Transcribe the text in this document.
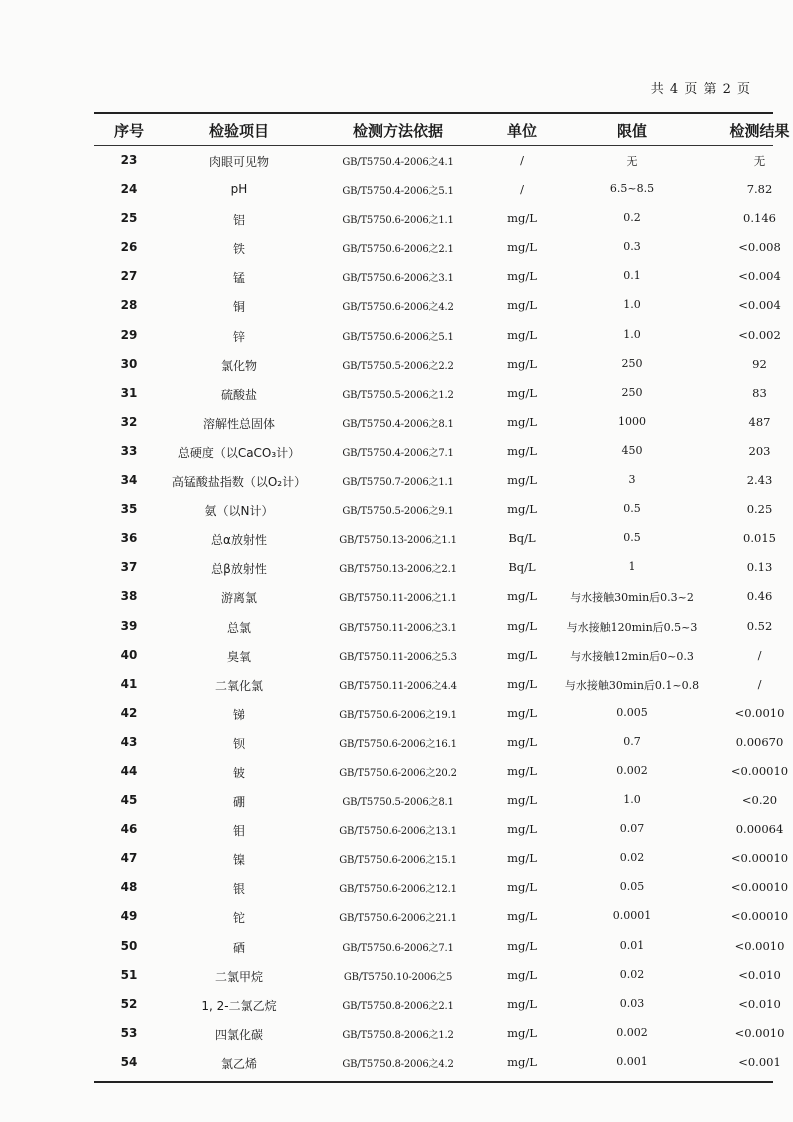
共 4 页 第 2 页
序号	检验项目	检测方法依据	单位	限值	检测结果
23	肉眼可见物	GB/T5750.4-2006之4.1	/	无	无
24	pH	GB/T5750.4-2006之5.1	/	6.5~8.5	7.82
25	铝	GB/T5750.6-2006之1.1	mg/L	0.2	0.146
26	铁	GB/T5750.6-2006之2.1	mg/L	0.3	<0.008
27	锰	GB/T5750.6-2006之3.1	mg/L	0.1	<0.004
28	铜	GB/T5750.6-2006之4.2	mg/L	1.0	<0.004
29	锌	GB/T5750.6-2006之5.1	mg/L	1.0	<0.002
30	氯化物	GB/T5750.5-2006之2.2	mg/L	250	92
31	硫酸盐	GB/T5750.5-2006之1.2	mg/L	250	83
32	溶解性总固体	GB/T5750.4-2006之8.1	mg/L	1000	487
33	总硬度（以CaCO₃计）	GB/T5750.4-2006之7.1	mg/L	450	203
34	高锰酸盐指数（以O₂计）	GB/T5750.7-2006之1.1	mg/L	3	2.43
35	氨（以N计）	GB/T5750.5-2006之9.1	mg/L	0.5	0.25
36	总α放射性	GB/T5750.13-2006之1.1	Bq/L	0.5	0.015
37	总β放射性	GB/T5750.13-2006之2.1	Bq/L	1	0.13
38	游离氯	GB/T5750.11-2006之1.1	mg/L	与水接触30min后0.3~2	0.46
39	总氯	GB/T5750.11-2006之3.1	mg/L	与水接触120min后0.5~3	0.52
40	臭氧	GB/T5750.11-2006之5.3	mg/L	与水接触12min后0~0.3	/
41	二氧化氯	GB/T5750.11-2006之4.4	mg/L	与水接触30min后0.1~0.8	/
42	锑	GB/T5750.6-2006之19.1	mg/L	0.005	<0.0010
43	钡	GB/T5750.6-2006之16.1	mg/L	0.7	0.00670
44	铍	GB/T5750.6-2006之20.2	mg/L	0.002	<0.00010
45	硼	GB/T5750.5-2006之8.1	mg/L	1.0	<0.20
46	钼	GB/T5750.6-2006之13.1	mg/L	0.07	0.00064
47	镍	GB/T5750.6-2006之15.1	mg/L	0.02	<0.00010
48	银	GB/T5750.6-2006之12.1	mg/L	0.05	<0.00010
49	铊	GB/T5750.6-2006之21.1	mg/L	0.0001	<0.00010
50	硒	GB/T5750.6-2006之7.1	mg/L	0.01	<0.0010
51	二氯甲烷	GB/T5750.10-2006之5	mg/L	0.02	<0.010
52	1, 2-二氯乙烷	GB/T5750.8-2006之2.1	mg/L	0.03	<0.010
53	四氯化碳	GB/T5750.8-2006之1.2	mg/L	0.002	<0.0010
54	氯乙烯	GB/T5750.8-2006之4.2	mg/L	0.001	<0.001
